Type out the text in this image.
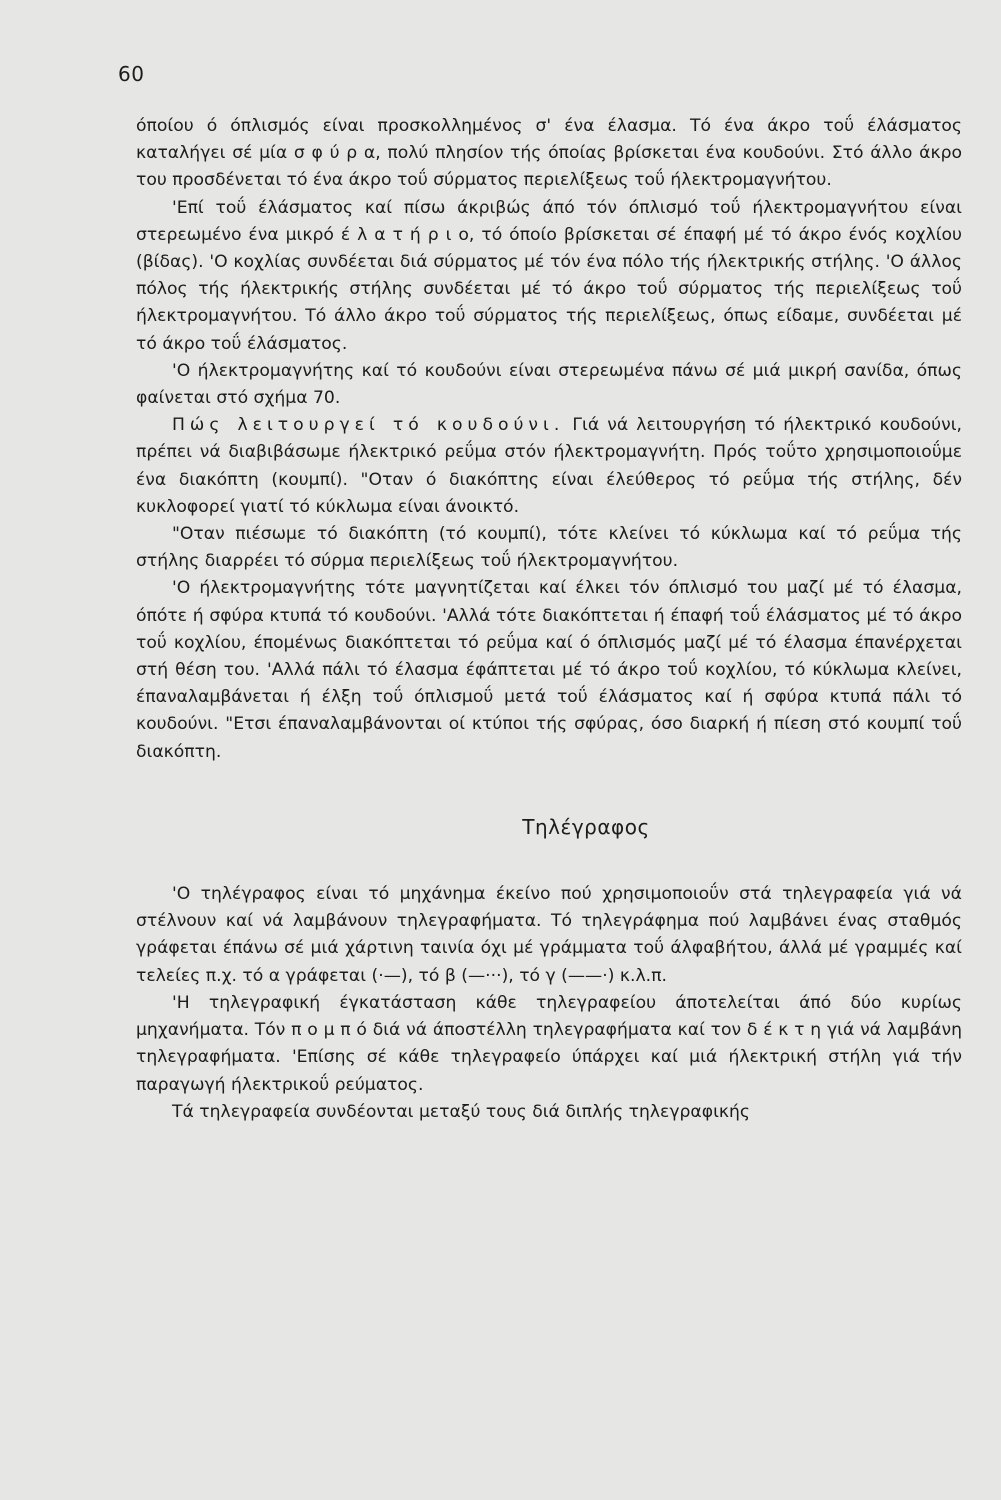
60

όποίου ό όπλισμός είναι προσκολλημένος σ' ένα έλασμα. Τό ένα άκρο τοΰ έλάσματος καταλήγει σέ μία σ φ ύ ρ α, πολύ πλησίον τής όποίας βρίσκεται ένα κουδούνι. Στό άλλο άκρο του προσδένεται τό ένα άκρο τοΰ σύρματος περιελίξεως τοΰ ήλεκτρομαγνήτου.

'Επί τοΰ έλάσματος καί πίσω άκριβώς άπό τόν όπλισμό τοΰ ήλεκτρομαγνήτου είναι στερεωμένο ένα μικρό έ λ α τ ή ρ ι ο, τό όποίο βρίσκεται σέ έπαφή μέ τό άκρο ένός κοχλίου (βίδας). 'Ο κοχλίας συνδέεται διά σύρματος μέ τόν ένα πόλο τής ήλεκτρικής στήλης. 'Ο άλλος πόλος τής ήλεκτρικής στήλης συνδέεται μέ τό άκρο τοΰ σύρματος τής περιελίξεως τοΰ ήλεκτρομαγνήτου. Τό άλλο άκρο τοΰ σύρματος τής περιελίξεως, όπως είδαμε, συνδέεται μέ τό άκρο τοΰ έλάσματος.

'Ο ήλεκτρομαγνήτης καί τό κουδούνι είναι στερεωμένα πάνω σέ μιά μικρή σανίδα, όπως φαίνεται στό σχήμα 70.

Πώς λειτουργεί τό κουδούνι. Γιά νά λειτουργήση τό ήλεκτρικό κουδούνι, πρέπει νά διαβιβάσωμε ήλεκτρικό ρεΰμα στόν ήλεκτρομαγνήτη. Πρός τοΰτο χρησιμοποιοΰμε ένα διακόπτη (κουμπί). "Οταν ό διακόπτης είναι έλεύθερος τό ρεΰμα τής στήλης, δέν κυκλοφορεί γιατί τό κύκλωμα είναι άνοικτό.

"Οταν πιέσωμε τό διακόπτη (τό κουμπί), τότε κλείνει τό κύκλωμα καί τό ρεΰμα τής στήλης διαρρέει τό σύρμα περιελίξεως τοΰ ήλεκτρομαγνήτου.

'Ο ήλεκτρομαγνήτης τότε μαγνητίζεται καί έλκει τόν όπλισμό του μαζί μέ τό έλασμα, όπότε ή σφύρα κτυπά τό κουδούνι. 'Αλλά τότε διακόπτεται ή έπαφή τοΰ έλάσματος μέ τό άκρο τοΰ κοχλίου, έπομένως διακόπτεται τό ρεΰμα καί ό όπλισμός μαζί μέ τό έλασμα έπανέρχεται στή θέση του. 'Αλλά πάλι τό έλασμα έφάπτεται μέ τό άκρο τοΰ κοχλίου, τό κύκλωμα κλείνει, έπαναλαμβάνεται ή έλξη τοΰ όπλισμοΰ μετά τοΰ έλάσματος καί ή σφύρα κτυπά πάλι τό κουδούνι. "Ετσι έπαναλαμβάνονται οί κτύποι τής σφύρας, όσο διαρκή ή πίεση στό κουμπί τοΰ διακόπτη.

Τηλέγραφος

'Ο τηλέγραφος είναι τό μηχάνημα έκείνο πού χρησιμοποιοΰν στά τηλεγραφεία γιά νά στέλνουν καί νά λαμβάνουν τηλεγραφήματα. Τό τηλεγράφημα πού λαμβάνει ένας σταθμός γράφεται έπάνω σέ μιά χάρτινη ταινία όχι μέ γράμματα τοΰ άλφαβήτου, άλλά μέ γραμμές καί τελείες π.χ. τό α γράφεται (·—), τό β (—···), τό γ (——·) κ.λ.π.

'Η τηλεγραφική έγκατάσταση κάθε τηλεγραφείου άποτελείται άπό δύο κυρίως μηχανήματα. Τόν π ο μ π ό διά νά άποστέλλη τηλεγραφήματα καί τον δ έ κ τ η γιά νά λαμβάνη τηλεγραφήματα. 'Επίσης σέ κάθε τηλεγραφείο ύπάρχει καί μιά ήλεκτρική στήλη γιά τήν παραγωγή ήλεκτρικοΰ ρεύματος.

Τά τηλεγραφεία συνδέονται μεταξύ τους διά διπλής τηλεγραφικής
